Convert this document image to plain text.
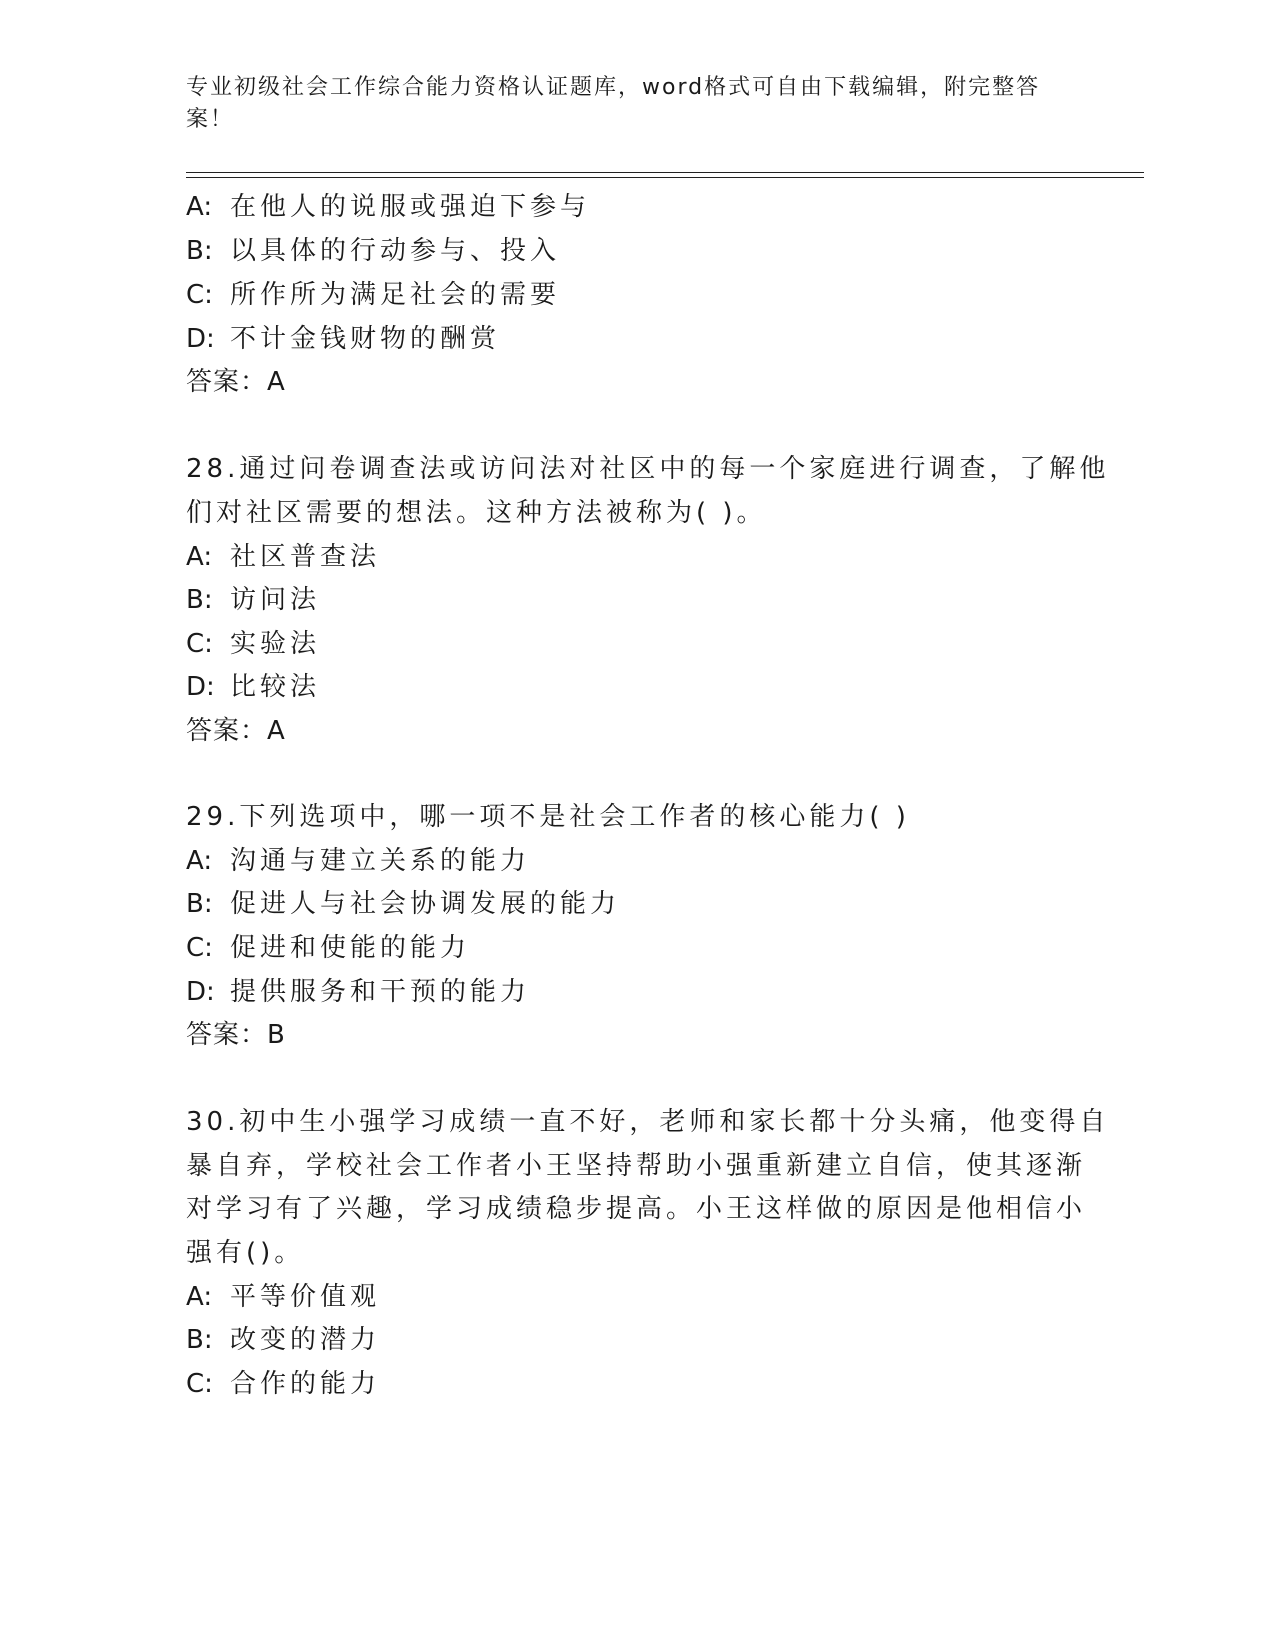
专业初级社会工作综合能力资格认证题库，word格式可自由下载编辑，附完整答
案！
A: 在他人的说服或强迫下参与
B: 以具体的行动参与、投入
C: 所作所为满足社会的需要
D: 不计金钱财物的酬赏
答案：A
28.通过问卷调查法或访问法对社区中的每一个家庭进行调查，了解他
们对社区需要的想法。这种方法被称为( )。
A: 社区普查法
B: 访问法
C: 实验法
D: 比较法
答案：A
29.下列选项中，哪一项不是社会工作者的核心能力( )
A: 沟通与建立关系的能力
B: 促进人与社会协调发展的能力
C: 促进和使能的能力
D: 提供服务和干预的能力
答案：B
30.初中生小强学习成绩一直不好，老师和家长都十分头痛，他变得自
暴自弃，学校社会工作者小王坚持帮助小强重新建立自信，使其逐渐
对学习有了兴趣，学习成绩稳步提高。小王这样做的原因是他相信小
强有()。
A: 平等价值观
B: 改变的潜力
C: 合作的能力
